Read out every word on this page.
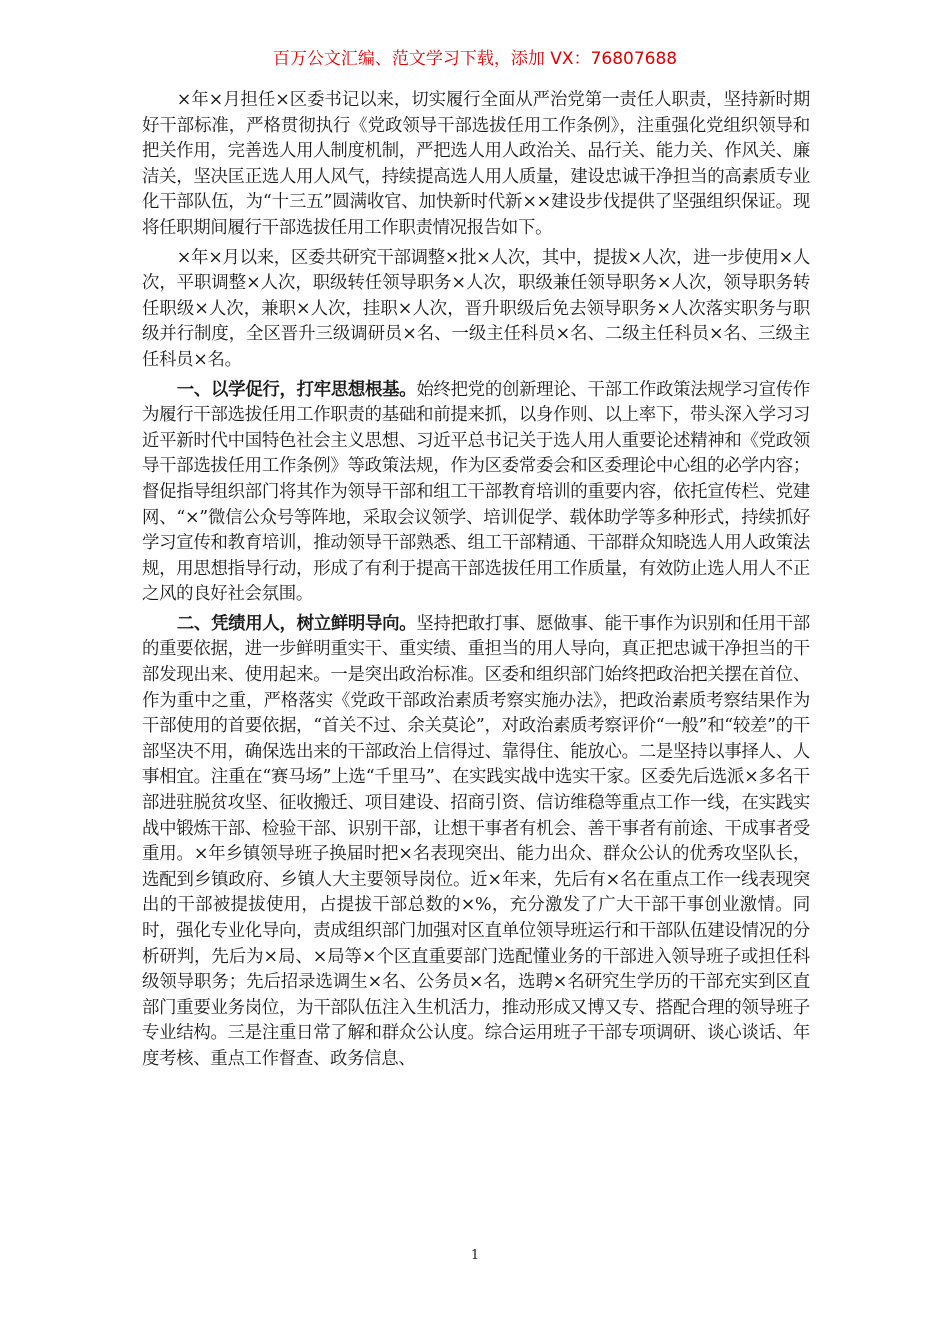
百万公文汇编、范文学习下载，添加 VX：76807688

×年×月担任×区委书记以来，切实履行全面从严治党第一责任人职责，坚持新时期好干部标准，严格贯彻执行《党政领导干部选拔任用工作条例》，注重强化党组织领导和把关作用，完善选人用人制度机制，严把选人用人政治关、品行关、能力关、作风关、廉洁关，坚决匡正选人用人风气，持续提高选人用人质量，建设忠诚干净担当的高素质专业化干部队伍，为“十三五”圆满收官、加快新时代新××建设步伐提供了坚强组织保证。现将任职期间履行干部选拔任用工作职责情况报告如下。

×年×月以来，区委共研究干部调整×批×人次，其中，提拔×人次，进一步使用×人次，平职调整×人次，职级转任领导职务×人次，职级兼任领导职务×人次，领导职务转任职级×人次，兼职×人次，挂职×人次，晋升职级后免去领导职务×人次落实职务与职级并行制度，全区晋升三级调研员×名、一级主任科员×名、二级主任科员×名、三级主任科员×名。

一、以学促行，打牢思想根基。始终把党的创新理论、干部工作政策法规学习宣传作为履行干部选拔任用工作职责的基础和前提来抓，以身作则、以上率下，带头深入学习习近平新时代中国特色社会主义思想、习近平总书记关于选人用人重要论述精神和《党政领导干部选拔任用工作条例》等政策法规，作为区委常委会和区委理论中心组的必学内容；督促指导组织部门将其作为领导干部和组工干部教育培训的重要内容，依托宣传栏、党建网、“×”微信公众号等阵地，采取会议领学、培训促学、载体助学等多种形式，持续抓好学习宣传和教育培训，推动领导干部熟悉、组工干部精通、干部群众知晓选人用人政策法规，用思想指导行动，形成了有利于提高干部选拔任用工作质量，有效防止选人用人不正之风的良好社会氛围。

二、凭绩用人，树立鲜明导向。坚持把敢打事、愿做事、能干事作为识别和任用干部的重要依据，进一步鲜明重实干、重实绩、重担当的用人导向，真正把忠诚干净担当的干部发现出来、使用起来。一是突出政治标准。区委和组织部门始终把政治把关摆在首位、作为重中之重，严格落实《党政干部政治素质考察实施办法》，把政治素质考察结果作为干部使用的首要依据，“首关不过、余关莫论”，对政治素质考察评价“一般”和“较差”的干部坚决不用，确保选出来的干部政治上信得过、靠得住、能放心。二是坚持以事择人、人事相宜。注重在“赛马场”上选“千里马”、在实践实战中选实干家。区委先后选派×多名干部进驻脱贫攻坚、征收搬迁、项目建设、招商引资、信访维稳等重点工作一线，在实践实战中锻炼干部、检验干部、识别干部，让想干事者有机会、善干事者有前途、干成事者受重用。×年乡镇领导班子换届时把×名表现突出、能力出众、群众公认的优秀攻坚队长，选配到乡镇政府、乡镇人大主要领导岗位。近×年来，先后有×名在重点工作一线表现突出的干部被提拔使用，占提拔干部总数的×%，充分激发了广大干部干事创业激情。同时，强化专业化导向，责成组织部门加强对区直单位领导班运行和干部队伍建设情况的分析研判，先后为×局、×局等×个区直重要部门选配懂业务的干部进入领导班子或担任科级领导职务；先后招录选调生×名、公务员×名，选聘×名研究生学历的干部充实到区直部门重要业务岗位，为干部队伍注入生机活力，推动形成又博又专、搭配合理的领导班子专业结构。三是注重日常了解和群众公认度。综合运用班子干部专项调研、谈心谈话、年度考核、重点工作督查、政务信息、

1
